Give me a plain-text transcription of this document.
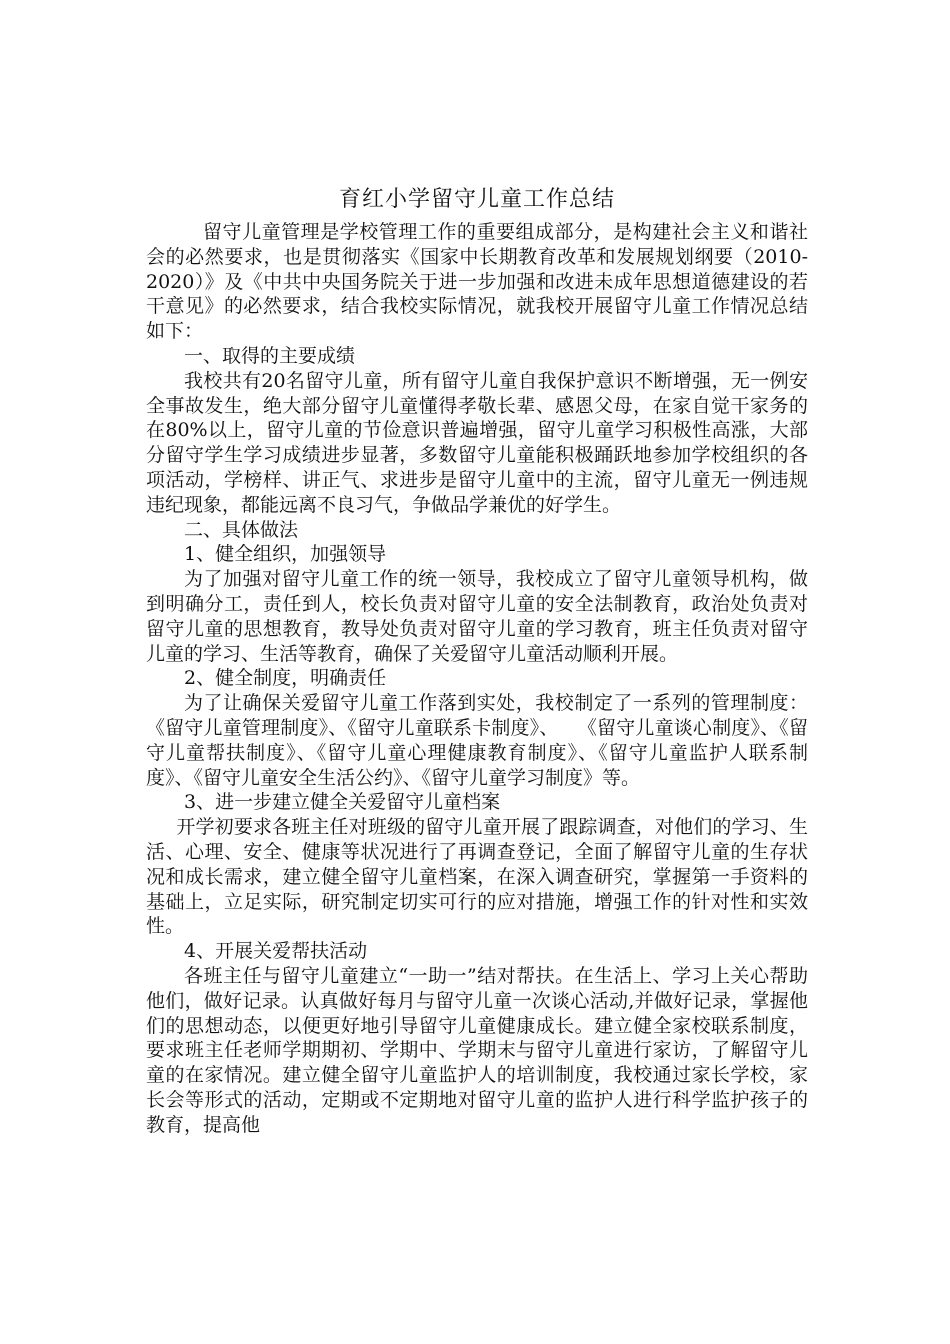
育红小学留守儿童工作总结

留守儿童管理是学校管理工作的重要组成部分，是构建社会主义和谐社会的必然要求，也是贯彻落实《国家中长期教育改革和发展规划纲要（2010-2020）》及《中共中央国务院关于进一步加强和改进未成年思想道德建设的若干意见》的必然要求，结合我校实际情况，就我校开展留守儿童工作情况总结如下：

一、取得的主要成绩

我校共有20名留守儿童，所有留守儿童自我保护意识不断增强，无一例安全事故发生，绝大部分留守儿童懂得孝敬长辈、感恩父母，在家自觉干家务的在80%以上，留守儿童的节俭意识普遍增强，留守儿童学习积极性高涨，大部分留守学生学习成绩进步显著，多数留守儿童能积极踊跃地参加学校组织的各项活动，学榜样、讲正气、求进步是留守儿童中的主流，留守儿童无一例违规违纪现象，都能远离不良习气，争做品学兼优的好学生。

二、具体做法

1、健全组织，加强领导

为了加强对留守儿童工作的统一领导，我校成立了留守儿童领导机构，做到明确分工，责任到人，校长负责对留守儿童的安全法制教育，政治处负责对留守儿童的思想教育，教导处负责对留守儿童的学习教育，班主任负责对留守儿童的学习、生活等教育，确保了关爱留守儿童活动顺利开展。

2、健全制度，明确责任

为了让确保关爱留守儿童工作落到实处，我校制定了一系列的管理制度：《留守儿童管理制度》、《留守儿童联系卡制度》、　　《留守儿童谈心制度》、《留守儿童帮扶制度》、《留守儿童心理健康教育制度》、《留守儿童监护人联系制度》、《留守儿童安全生活公约》、《留守儿童学习制度》等。

3、进一步建立健全关爱留守儿童档案

开学初要求各班主任对班级的留守儿童开展了跟踪调查，对他们的学习、生活、心理、安全、健康等状况进行了再调查登记，全面了解留守儿童的生存状况和成长需求，建立健全留守儿童档案，在深入调查研究，掌握第一手资料的基础上，立足实际，研究制定切实可行的应对措施，增强工作的针对性和实效性。

4、开展关爱帮扶活动

各班主任与留守儿童建立“一助一”结对帮扶。在生活上、学习上关心帮助他们，做好记录。认真做好每月与留守儿童一次谈心活动,并做好记录，掌握他们的思想动态，以便更好地引导留守儿童健康成长。建立健全家校联系制度，要求班主任老师学期期初、学期中、学期末与留守儿童进行家访，了解留守儿童的在家情况。建立健全留守儿童监护人的培训制度，我校通过家长学校，家长会等形式的活动，定期或不定期地对留守儿童的监护人进行科学监护孩子的教育，提高他
